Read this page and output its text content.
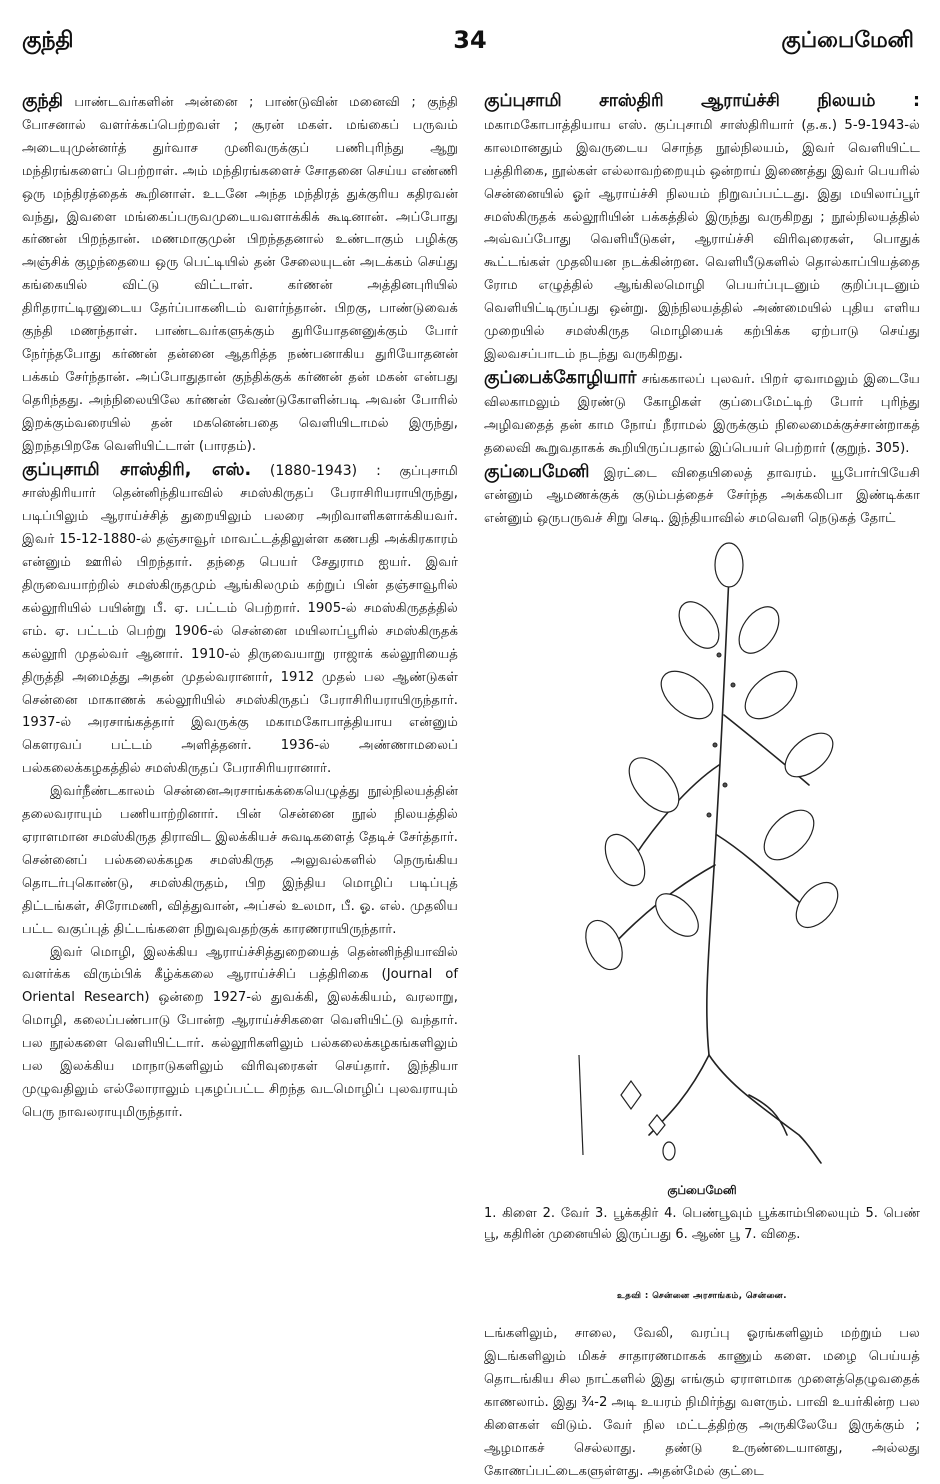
குந்தி	34	குப்பைமேனி

குந்தி பாண்டவர்களின் அன்னை ; பாண்டுவின் மனைவி ; குந்தி போசனால் வளர்க்கப்பெற்றவள் ; சூரன் மகள். மங்கைப் பருவம் அடையுமுன்னர்த் துர்வாச முனிவருக்குப் பணிபுரிந்து ஆறு மந்திரங்களைப் பெற்றாள். அம் மந்திரங்களைச் சோதனை செய்ய எண்ணி ஒரு மந்திரத்தைக் கூறினாள். உடனே அந்த மந்திரத் துக்குரிய கதிரவன் வந்து, இவளை மங்கைப்பருவமுடையவளாக்கிக் கூடினான். அப்போது கர்ணன் பிறந்தான். மணமாகுமுன் பிறந்ததனால் உண்டாகும் பழிக்கு அஞ்சிக் குழந்தையை ஒரு பெட்டியில் தன் சேலையுடன் அடக்கம் செய்து கங்கையில் விட்டு விட்டாள். கர்ணன் அத்தினபுரியில் திரிதராட்டிரனுடைய தேர்ப்பாகனிடம் வளர்ந்தான். பிறகு, பாண்டுவைக் குந்தி மணந்தாள். பாண்டவர்களுக்கும் துரியோதனனுக்கும் போர் நேர்ந்தபோது கர்ணன் தன்னை ஆதரித்த நண்பனாகிய துரியோதனன் பக்கம் சேர்ந்தான். அப்போதுதான் குந்திக்குக் கர்ணன் தன் மகன் என்பது தெரிந்தது. அந்நிலையிலே கர்ணன் வேண்டுகோளின்படி அவன் போரில் இறக்கும்வரையில் தன் மகனென்பதை வெளியிடாமல் இருந்து, இறந்தபிறகே வெளியிட்டாள் (பாரதம்).

குப்புசாமி சாஸ்திரி, எஸ். (1880-1943) : குப்புசாமி சாஸ்திரியார் தென்னிந்தியாவில் சமஸ்கிருதப் பேராசிரியராயிருந்து, படிப்பிலும் ஆராய்ச்சித் துறையிலும் பலரை அறிவாளிகளாக்கியவர். இவர் 15-12-1880-ல் தஞ்சாவூர் மாவட்டத்திலுள்ள கணபதி அக்கிரகாரம் என்னும் ஊரில் பிறந்தார். தந்தை பெயர் சேதுராம ஐயர். இவர் திருவையாற்றில் சமஸ்கிருதமும் ஆங்கிலமும் கற்றுப் பின் தஞ்சாவூரில் கல்லூரியில் பயின்று பீ. ஏ. பட்டம் பெற்றார். 1905-ல் சமஸ்கிருதத்தில் எம். ஏ. பட்டம் பெற்று 1906-ல் சென்னை மயிலாப்பூரில் சமஸ்கிருதக் கல்லூரி முதல்வர் ஆனார். 1910-ல் திருவையாறு ராஜாக் கல்லூரியைத் திருத்தி அமைத்து அதன் முதல்வரானார், 1912 முதல் பல ஆண்டுகள் சென்னை மாகாணக் கல்லூரியில் சமஸ்கிருதப் பேராசிரியராயிருந்தார். 1937-ல் அரசாங்கத்தார் இவருக்கு மகாமகோபாத்தியாய என்னும் கௌரவப் பட்டம் அளித்தனர். 1936-ல் அண்ணாமலைப் பல்கலைக்கழகத்தில் சமஸ்கிருதப் பேராசிரியரானார்.

இவர்நீண்டகாலம் சென்னைஅரசாங்கக்கையெழுத்து நூல்நிலயத்தின் தலைவராயும் பணியாற்றினார். பின் சென்னை நூல் நிலயத்தில் ஏராளமான சமஸ்கிருத திராவிட இலக்கியச் சுவடிகளைத் தேடிச் சேர்த்தார். சென்னைப் பல்கலைக்கழக சமஸ்கிருத அலுவல்களில் நெருங்கிய தொடர்புகொண்டு, சமஸ்கிருதம், பிற இந்திய மொழிப் படிப்புத் திட்டங்கள், சிரோமணி, வித்துவான், அப்சல் உலமா, பீ. ஓ. எல். முதலிய பட்ட வகுப்புத் திட்டங்களை நிறுவுவதற்குக் காரணராயிருந்தார்.

இவர் மொழி, இலக்கிய ஆராய்ச்சித்துறையைத் தென்னிந்தியாவில் வளர்க்க விரும்பிக் கீழ்க்கலை ஆராய்ச்சிப் பத்திரிகை (Journal of Oriental Research) ஒன்றை 1927-ல் துவக்கி, இலக்கியம், வரலாறு, மொழி, கலைப்பண்பாடு போன்ற ஆராய்ச்சிகளை வெளியிட்டு வந்தார். பல நூல்களை வெளியிட்டார். கல்லூரிகளிலும் பல்கலைக்கழகங்களிலும் பல இலக்கிய மாநாடுகளிலும் விரிவுரைகள் செய்தார். இந்தியா முழுவதிலும் எல்லோராலும் புகழப்பட்ட சிறந்த வடமொழிப் புலவராயும் பெரு நாவலராயுமிருந்தார்.

குப்புசாமி சாஸ்திரி ஆராய்ச்சி நிலயம் : மகாமகோபாத்தியாய எஸ். குப்புசாமி சாஸ்திரியார் (த.க.) 5-9-1943-ல் காலமானதும் இவருடைய சொந்த நூல்நிலயம், இவர் வெளியிட்ட பத்திரிகை, நூல்கள் எல்லாவற்றையும் ஒன்றாய் இணைத்து இவர் பெயரில் சென்னையில் ஓர் ஆராய்ச்சி நிலயம் நிறுவப்பட்டது. இது மயிலாப்பூர் சமஸ்கிருதக் கல்லூரியின் பக்கத்தில் இருந்து வருகிறது ; நூல்நிலயத்தில் அவ்வப்போது வெளியீடுகள், ஆராய்ச்சி விரிவுரைகள், பொதுக் கூட்டங்கள் முதலியன நடக்கின்றன. வெளியீடுகளில் தொல்காப்பியத்தை ரோம எழுத்தில் ஆங்கிலமொழி பெயர்ப்புடனும் குறிப்புடனும் வெளியிட்டிருப்பது ஒன்று. இந்நிலயத்தில் அண்மையில் புதிய எளிய முறையில் சமஸ்கிருத மொழியைக் கற்பிக்க ஏற்பாடு செய்து இலவசப்பாடம் நடந்து வருகிறது.

குப்பைக்கோழியார் சங்ககாலப் புலவர். பிறர் ஏவாமலும் இடையே விலகாமலும் இரண்டு கோழிகள் குப்பைமேட்டிற் போர் புரிந்து அழிவதைத் தன் காம நோய் நீராமல் இருக்கும் நிலைமைக்குச்சான்றாகத் தலைவி கூறுவதாகக் கூறியிருப்பதால் இப்பெயர் பெற்றார் (குறுந். 305).

குப்பைமேனி இரட்டை விதையிலைத் தாவரம். யூபோர்பியேசி என்னும் ஆமணக்குக் குடும்பத்தைச் சேர்ந்த அக்கலிபா இண்டிக்கா என்னும் ஒருபருவச் சிறு செடி. இந்தியாவில் சமவெளி நெடுகத் தோட்

குப்பைமேனி
1. கிளை 2. வேர் 3. பூக்கதிர் 4. பெண்பூவும் பூக்காம்பிலையும் 5. பெண் பூ, கதிரின் முனையில் இருப்பது 6. ஆண் பூ 7. விதை.
உதவி : சென்னை அரசாங்கம், சென்னை.

டங்களிலும், சாலை, வேலி, வரப்பு ஓரங்களிலும் மற்றும் பல இடங்களிலும் மிகச் சாதாரணமாகக் காணும் களை. மழை பெய்யத் தொடங்கிய சில நாட்களில் இது எங்கும் ஏராளமாக முளைத்தெழுவதைக் காணலாம். இது ¾-2 அடி உயரம் நிமிர்ந்து வளரும். பாவி உயர்கின்ற பல கிளைகள் விடும். வேர் நில மட்டத்திற்கு அருகிலேயே இருக்கும் ; ஆழமாகச் செல்லாது. தண்டு உருண்டையானது, அல்லது கோணப்பட்டைகளுள்ளது. அதன்மேல் குட்டை
